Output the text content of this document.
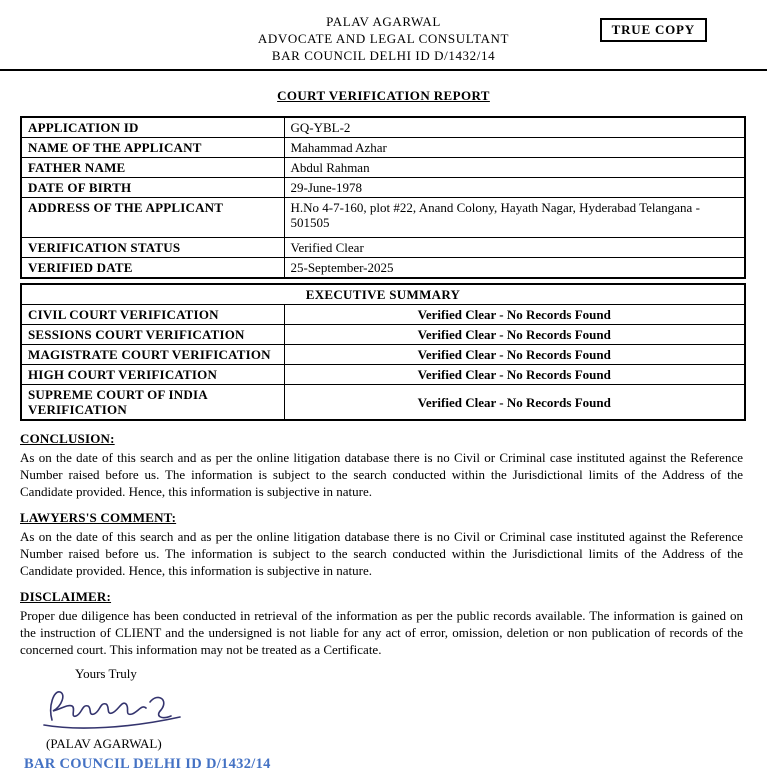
PALAV AGARWAL
ADVOCATE AND LEGAL CONSULTANT
BAR COUNCIL DELHI ID D/1432/14
TRUE COPY
COURT VERIFICATION REPORT
APPLICATION ID	GQ-YBL-2
NAME OF THE APPLICANT	Mahammad Azhar
FATHER NAME	Abdul Rahman
DATE OF BIRTH	29-June-1978
ADDRESS OF THE APPLICANT	H.No 4-7-160, plot #22, Anand Colony, Hayath Nagar, Hyderabad Telangana - 501505
VERIFICATION STATUS	Verified Clear
VERIFIED DATE	25-September-2025
EXECUTIVE SUMMARY	
CIVIL COURT VERIFICATION	Verified Clear - No Records Found
SESSIONS COURT VERIFICATION	Verified Clear - No Records Found
MAGISTRATE COURT VERIFICATION	Verified Clear - No Records Found
HIGH COURT VERIFICATION	Verified Clear - No Records Found
SUPREME COURT OF INDIA VERIFICATION	Verified Clear - No Records Found
CONCLUSION:

As on the date of this search and as per the online litigation database there is no Civil or Criminal case instituted against the Reference Number raised before us. The information is subject to the search conducted within the Jurisdictional limits of the Address of the Candidate provided. Hence, this information is subjective in nature.

LAWYERS'S COMMENT:

As on the date of this search and as per the online litigation database there is no Civil or Criminal case instituted against the Reference Number raised before us. The information is subject to the search conducted within the Jurisdictional limits of the Address of the Candidate provided. Hence, this information is subjective in nature.

DISCLAIMER:

Proper due diligence has been conducted in retrieval of the information as per the public records available. The information is gained on the instruction of CLIENT and the undersigned is not liable for any act of error, omission, deletion or non publication of records of the concerned court. This information may not be treated as a Certificate.

Yours Truly
(PALAV AGARWAL)
BAR COUNCIL DELHI ID D/1432/14
